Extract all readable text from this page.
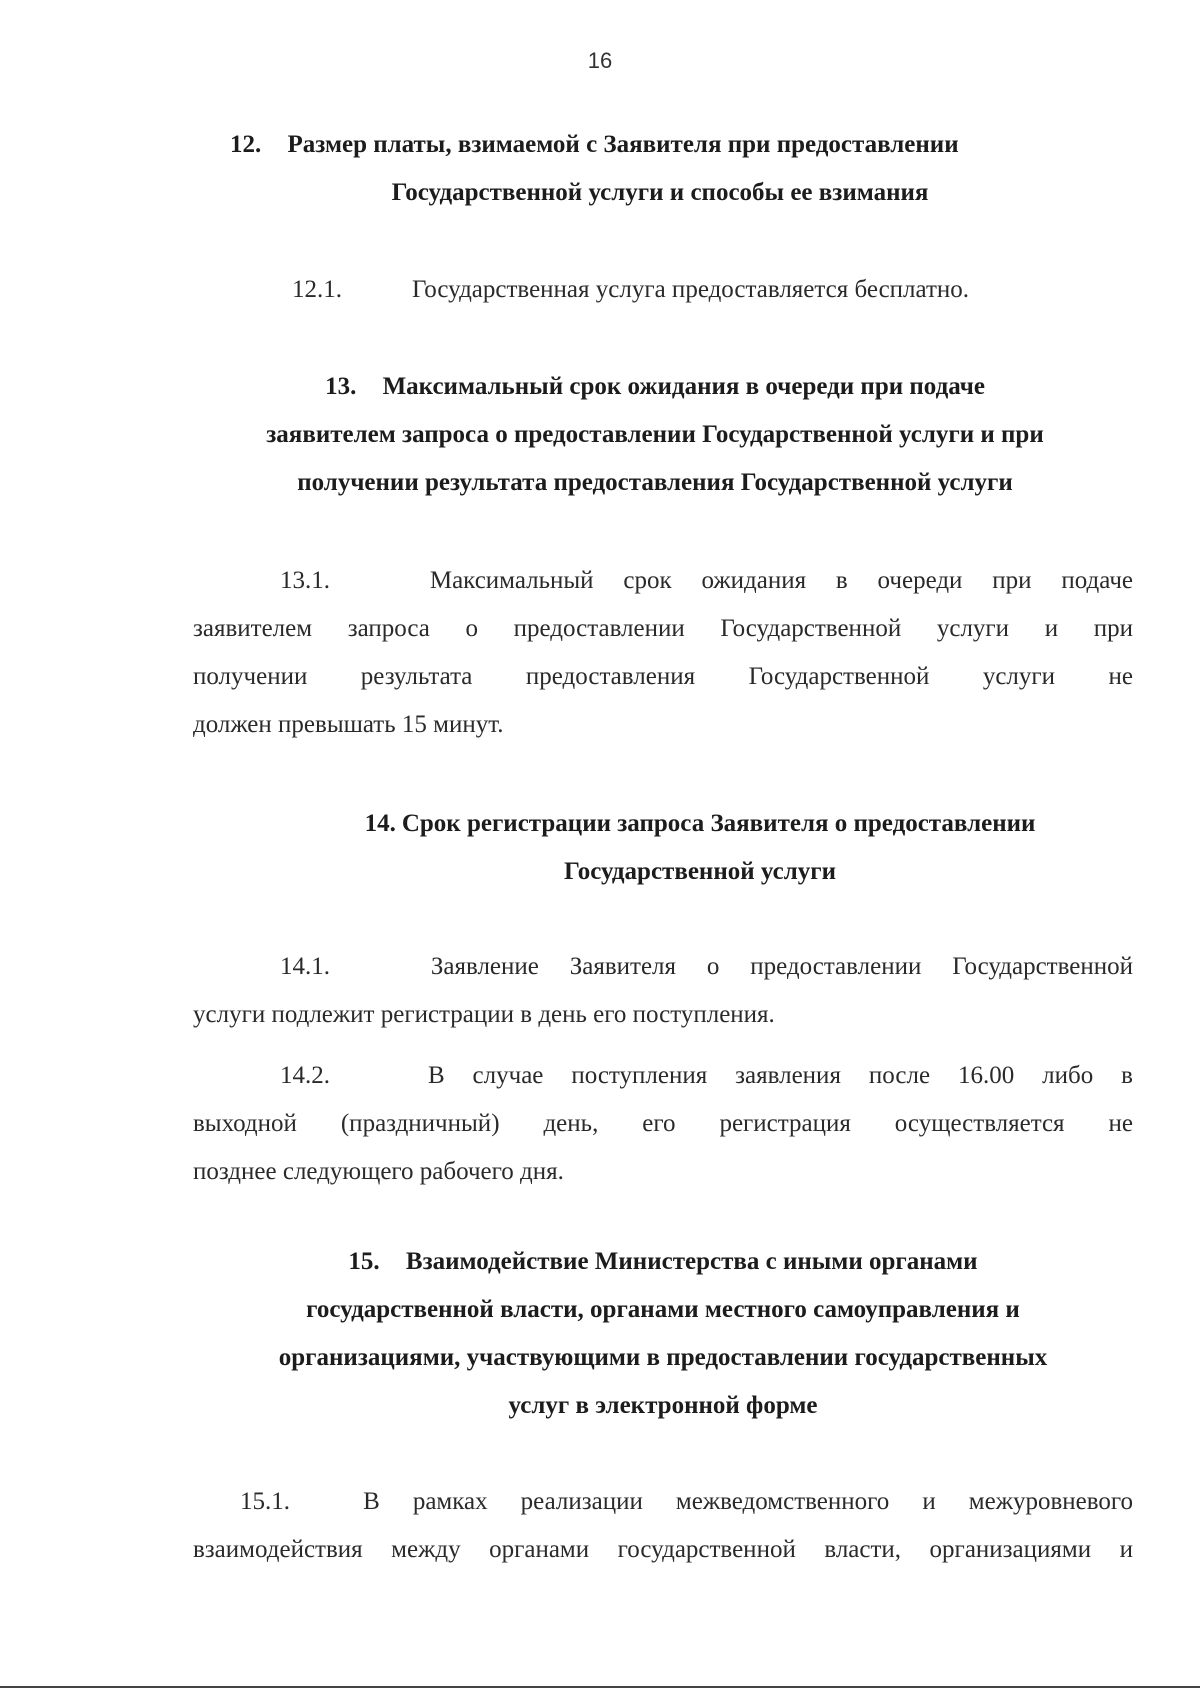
16
12. Размер платы, взимаемой с Заявителя при предоставлении
Государственной услуги и способы ее взимания
12.1.	Государственная услуга предоставляется бесплатно.
13. Максимальный срок ожидания в очереди при подаче
заявителем запроса о предоставлении Государственной услуги и при
получении результата предоставления Государственной услуги
13.1.	Максимальный срок ожидания в очереди при подаче
заявителем запроса о предоставлении Государственной услуги и при
получении результата предоставления Государственной услуги не
должен превышать 15 минут.
14. Срок регистрации запроса Заявителя о предоставлении
Государственной услуги
14.1.	Заявление Заявителя о предоставлении Государственной
услуги подлежит регистрации в день его поступления.
14.2.	В случае поступления заявления после 16.00 либо в
выходной (праздничный) день, его регистрация осуществляется не
позднее следующего рабочего дня.
15. Взаимодействие Министерства с иными органами
государственной власти, органами местного самоуправления и
организациями, участвующими в предоставлении государственных
услуг в электронной форме
15.1.	В рамках реализации межведомственного и межуровневого
взаимодействия между органами государственной власти, организациями и
